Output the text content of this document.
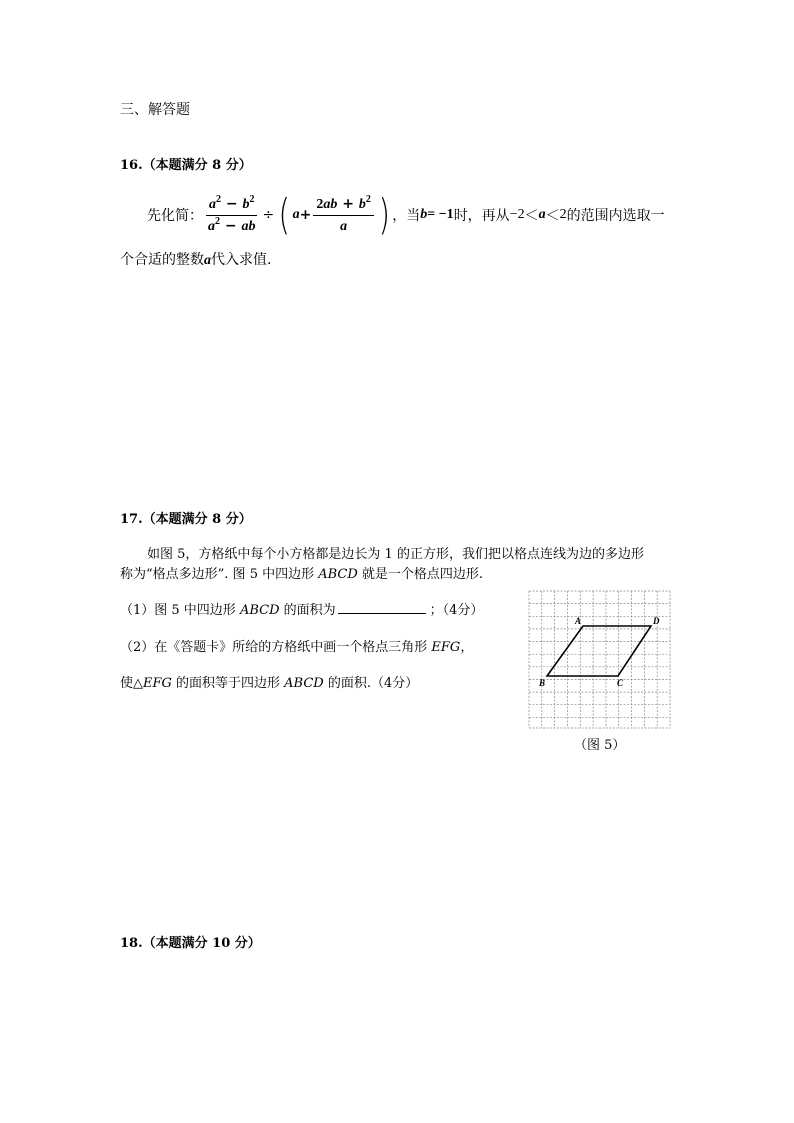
三、解答题
16.（本题满分 8 分）
先化简： $\frac{a^2 - b^2}{a^2 - ab}$ ÷ ( $a + \frac{2ab + b^2}{a}$ ) ，当 b = −1 时，再从 −2 ＜ a ＜ 2 的范围内选取一
个合适的整数a代入求值.
17.（本题满分 8 分）
如图 5，方格纸中每个小方格都是边长为 1 的正方形，我们把以格点连线为边的多边形
称为“格点多边形”. 图 5 中四边形 ABCD 就是一个格点四边形.
（1）图 5 中四边形 ABCD 的面积为	；（4分）
（2）在《答题卡》所给的方格纸中画一个格点三角形 EFG，
使△EFG 的面积等于四边形 ABCD 的面积.（4分）
A	D
B	C
（图 5）
18.（本题满分 10 分）
